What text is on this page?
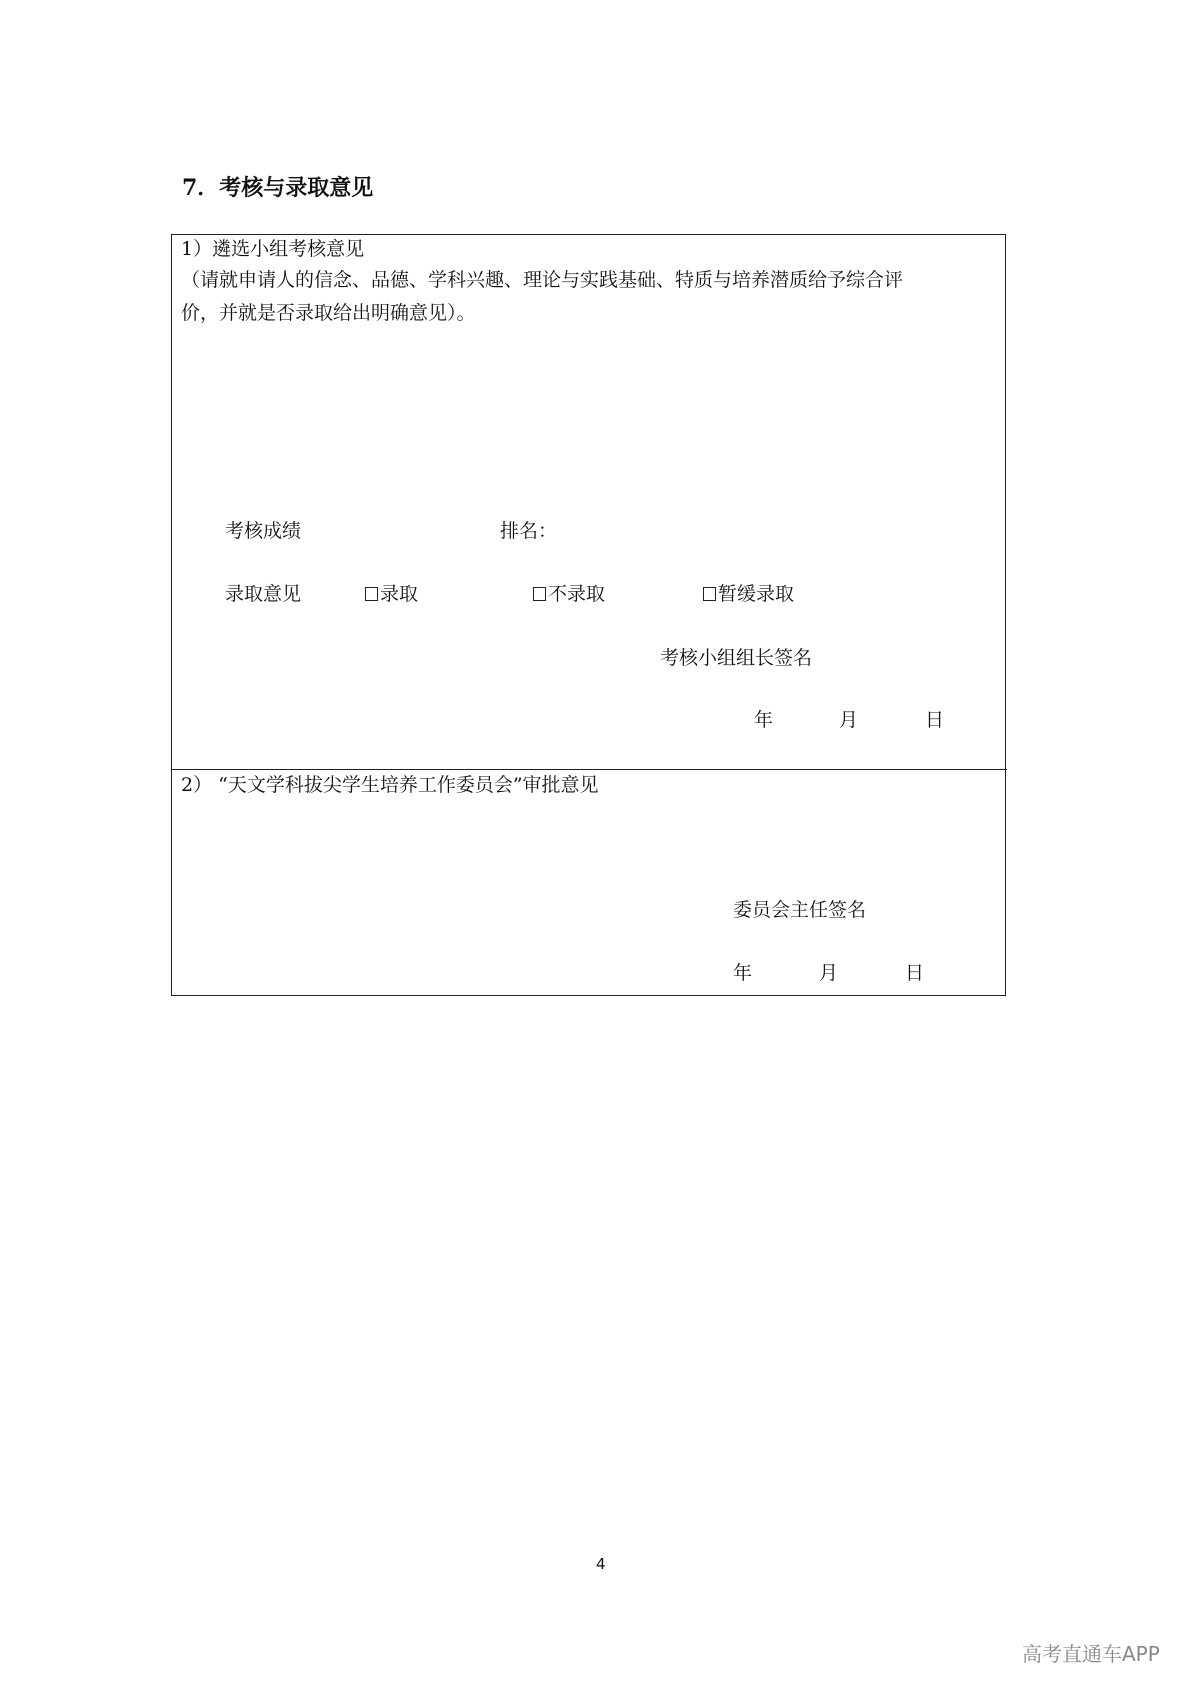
7．考核与录取意见
1）遴选小组考核意见
（请就申请人的信念、品德、学科兴趣、理论与实践基础、特质与培养潜质给予综合评
价，并就是否录取给出明确意见）。
考核成绩	排名：
录取意见	录取	不录取	暂缓录取
考核小组组长签名
年	月	日
2） “天文学科拔尖学生培养工作委员会”审批意见
委员会主任签名
年	月	日
4
高考直通车APP
